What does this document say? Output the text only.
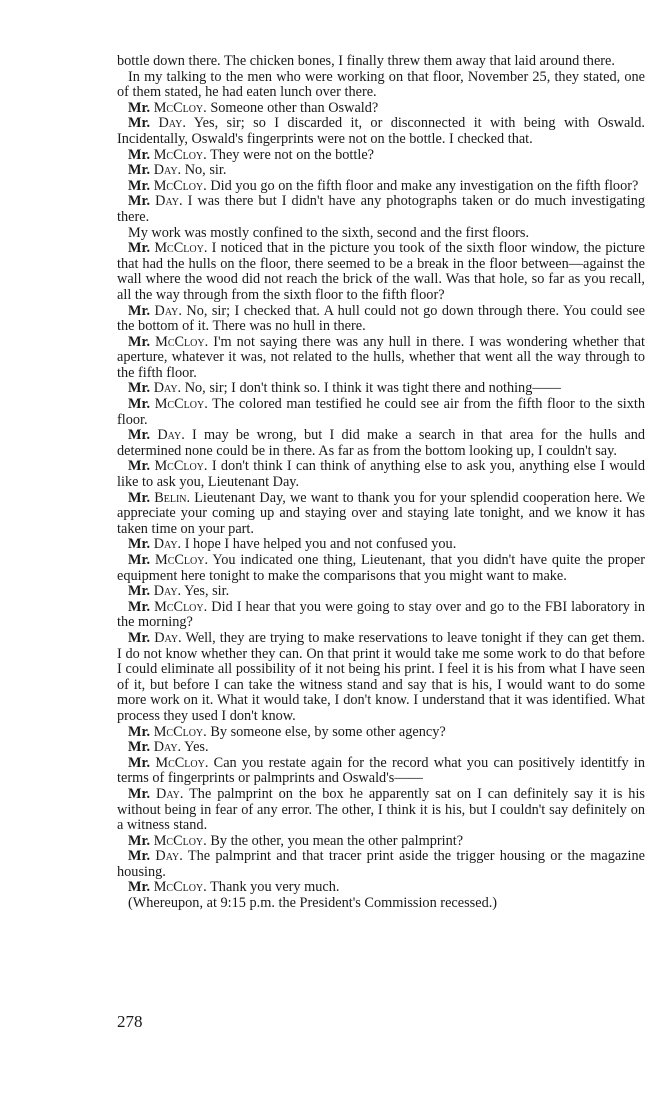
bottle down there. The chicken bones, I finally threw them away that laid around there.

In my talking to the men who were working on that floor, November 25, they stated, one of them stated, he had eaten lunch over there.

Mr. McCloy. Someone other than Oswald?

Mr. Day. Yes, sir; so I discarded it, or disconnected it with being with Oswald. Incidentally, Oswald's fingerprints were not on the bottle. I checked that.

Mr. McCloy. They were not on the bottle?

Mr. Day. No, sir.

Mr. McCloy. Did you go on the fifth floor and make any investigation on the fifth floor?

Mr. Day. I was there but I didn't have any photographs taken or do much investigating there.

My work was mostly confined to the sixth, second and the first floors.

Mr. McCloy. I noticed that in the picture you took of the sixth floor window, the picture that had the hulls on the floor, there seemed to be a break in the floor between—against the wall where the wood did not reach the brick of the wall. Was that hole, so far as you recall, all the way through from the sixth floor to the fifth floor?

Mr. Day. No, sir; I checked that. A hull could not go down through there. You could see the bottom of it. There was no hull in there.

Mr. McCloy. I'm not saying there was any hull in there. I was wondering whether that aperture, whatever it was, not related to the hulls, whether that went all the way through to the fifth floor.

Mr. Day. No, sir; I don't think so. I think it was tight there and nothing——

Mr. McCloy. The colored man testified he could see air from the fifth floor to the sixth floor.

Mr. Day. I may be wrong, but I did make a search in that area for the hulls and determined none could be in there. As far as from the bottom looking up, I couldn't say.

Mr. McCloy. I don't think I can think of anything else to ask you, anything else I would like to ask you, Lieutenant Day.

Mr. Belin. Lieutenant Day, we want to thank you for your splendid cooperation here. We appreciate your coming up and staying over and staying late tonight, and we know it has taken time on your part.

Mr. Day. I hope I have helped you and not confused you.

Mr. McCloy. You indicated one thing, Lieutenant, that you didn't have quite the proper equipment here tonight to make the comparisons that you might want to make.

Mr. Day. Yes, sir.

Mr. McCloy. Did I hear that you were going to stay over and go to the FBI laboratory in the morning?

Mr. Day. Well, they are trying to make reservations to leave tonight if they can get them. I do not know whether they can. On that print it would take me some work to do that before I could eliminate all possibility of it not being his print. I feel it is his from what I have seen of it, but before I can take the witness stand and say that is his, I would want to do some more work on it. What it would take, I don't know. I understand that it was identified. What process they used I don't know.

Mr. McCloy. By someone else, by some other agency?

Mr. Day. Yes.

Mr. McCloy. Can you restate again for the record what you can positively identitfy in terms of fingerprints or palmprints and Oswald's——

Mr. Day. The palmprint on the box he apparently sat on I can definitely say it is his without being in fear of any error. The other, I think it is his, but I couldn't say definitely on a witness stand.

Mr. McCloy. By the other, you mean the other palmprint?

Mr. Day. The palmprint and that tracer print aside the trigger housing or the magazine housing.

Mr. McCloy. Thank you very much.

(Whereupon, at 9:15 p.m. the President's Commission recessed.)

278
